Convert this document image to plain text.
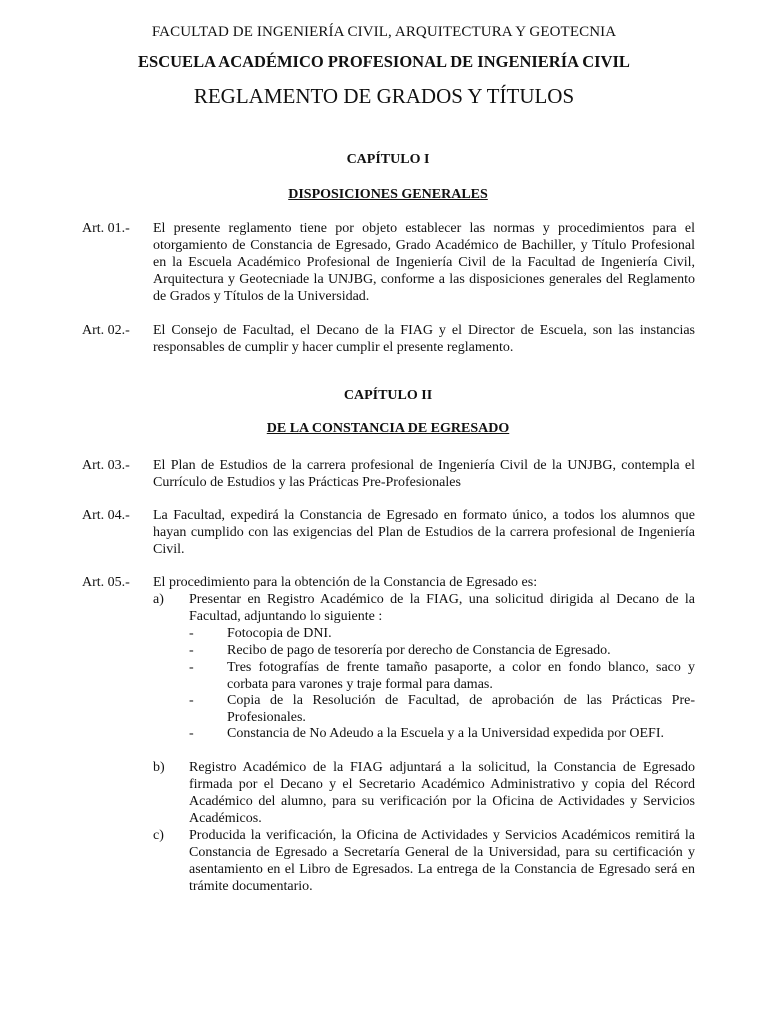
FACULTAD DE INGENIERÍA CIVIL, ARQUITECTURA Y GEOTECNIA
ESCUELA ACADÉMICO PROFESIONAL DE INGENIERÍA CIVIL
REGLAMENTO DE GRADOS Y TÍTULOS
CAPÍTULO I
DISPOSICIONES GENERALES
Art. 01.- El presente reglamento tiene por objeto establecer las normas y procedimientos para el otorgamiento de Constancia de Egresado, Grado Académico de Bachiller, y Título Profesional en la Escuela Académico Profesional de Ingeniería Civil de la Facultad de Ingeniería Civil, Arquitectura y Geotecniade la UNJBG, conforme a las disposiciones generales del Reglamento de Grados y Títulos de la Universidad.
Art. 02.- El Consejo de Facultad, el Decano de la FIAG y el Director de Escuela, son las instancias responsables de cumplir y hacer cumplir el presente reglamento.
CAPÍTULO II
DE LA CONSTANCIA DE EGRESADO
Art. 03.- El Plan de Estudios de la carrera profesional de Ingeniería Civil de la UNJBG, contempla el Currículo de Estudios y las Prácticas Pre-Profesionales
Art. 04.- La Facultad, expedirá la Constancia de Egresado en formato único, a todos los alumnos que hayan cumplido con las exigencias del Plan de Estudios de la carrera profesional de Ingeniería Civil.
Art. 05.- El procedimiento para la obtención de la Constancia de Egresado es:
a) Presentar en Registro Académico de la FIAG, una solicitud dirigida al Decano de la Facultad, adjuntando lo siguiente :
- Fotocopia de DNI.
- Recibo de pago de tesorería por derecho de Constancia de Egresado.
- Tres fotografías de frente tamaño pasaporte, a color en fondo blanco, saco y corbata para varones y traje formal para damas.
- Copia de la Resolución de Facultad, de aprobación de las Prácticas Pre-Profesionales.
- Constancia de No Adeudo a la Escuela y a la Universidad expedida por OEFI.
b) Registro Académico de la FIAG adjuntará a la solicitud, la Constancia de Egresado firmada por el Decano y el Secretario Académico Administrativo y copia del Récord Académico del alumno, para su verificación por la Oficina de Actividades y Servicios Académicos.
c) Producida la verificación, la Oficina de Actividades y Servicios Académicos remitirá la Constancia de Egresado a Secretaría General de la Universidad, para su certificación y asentamiento en el Libro de Egresados. La entrega de la Constancia de Egresado será en trámite documentario.
